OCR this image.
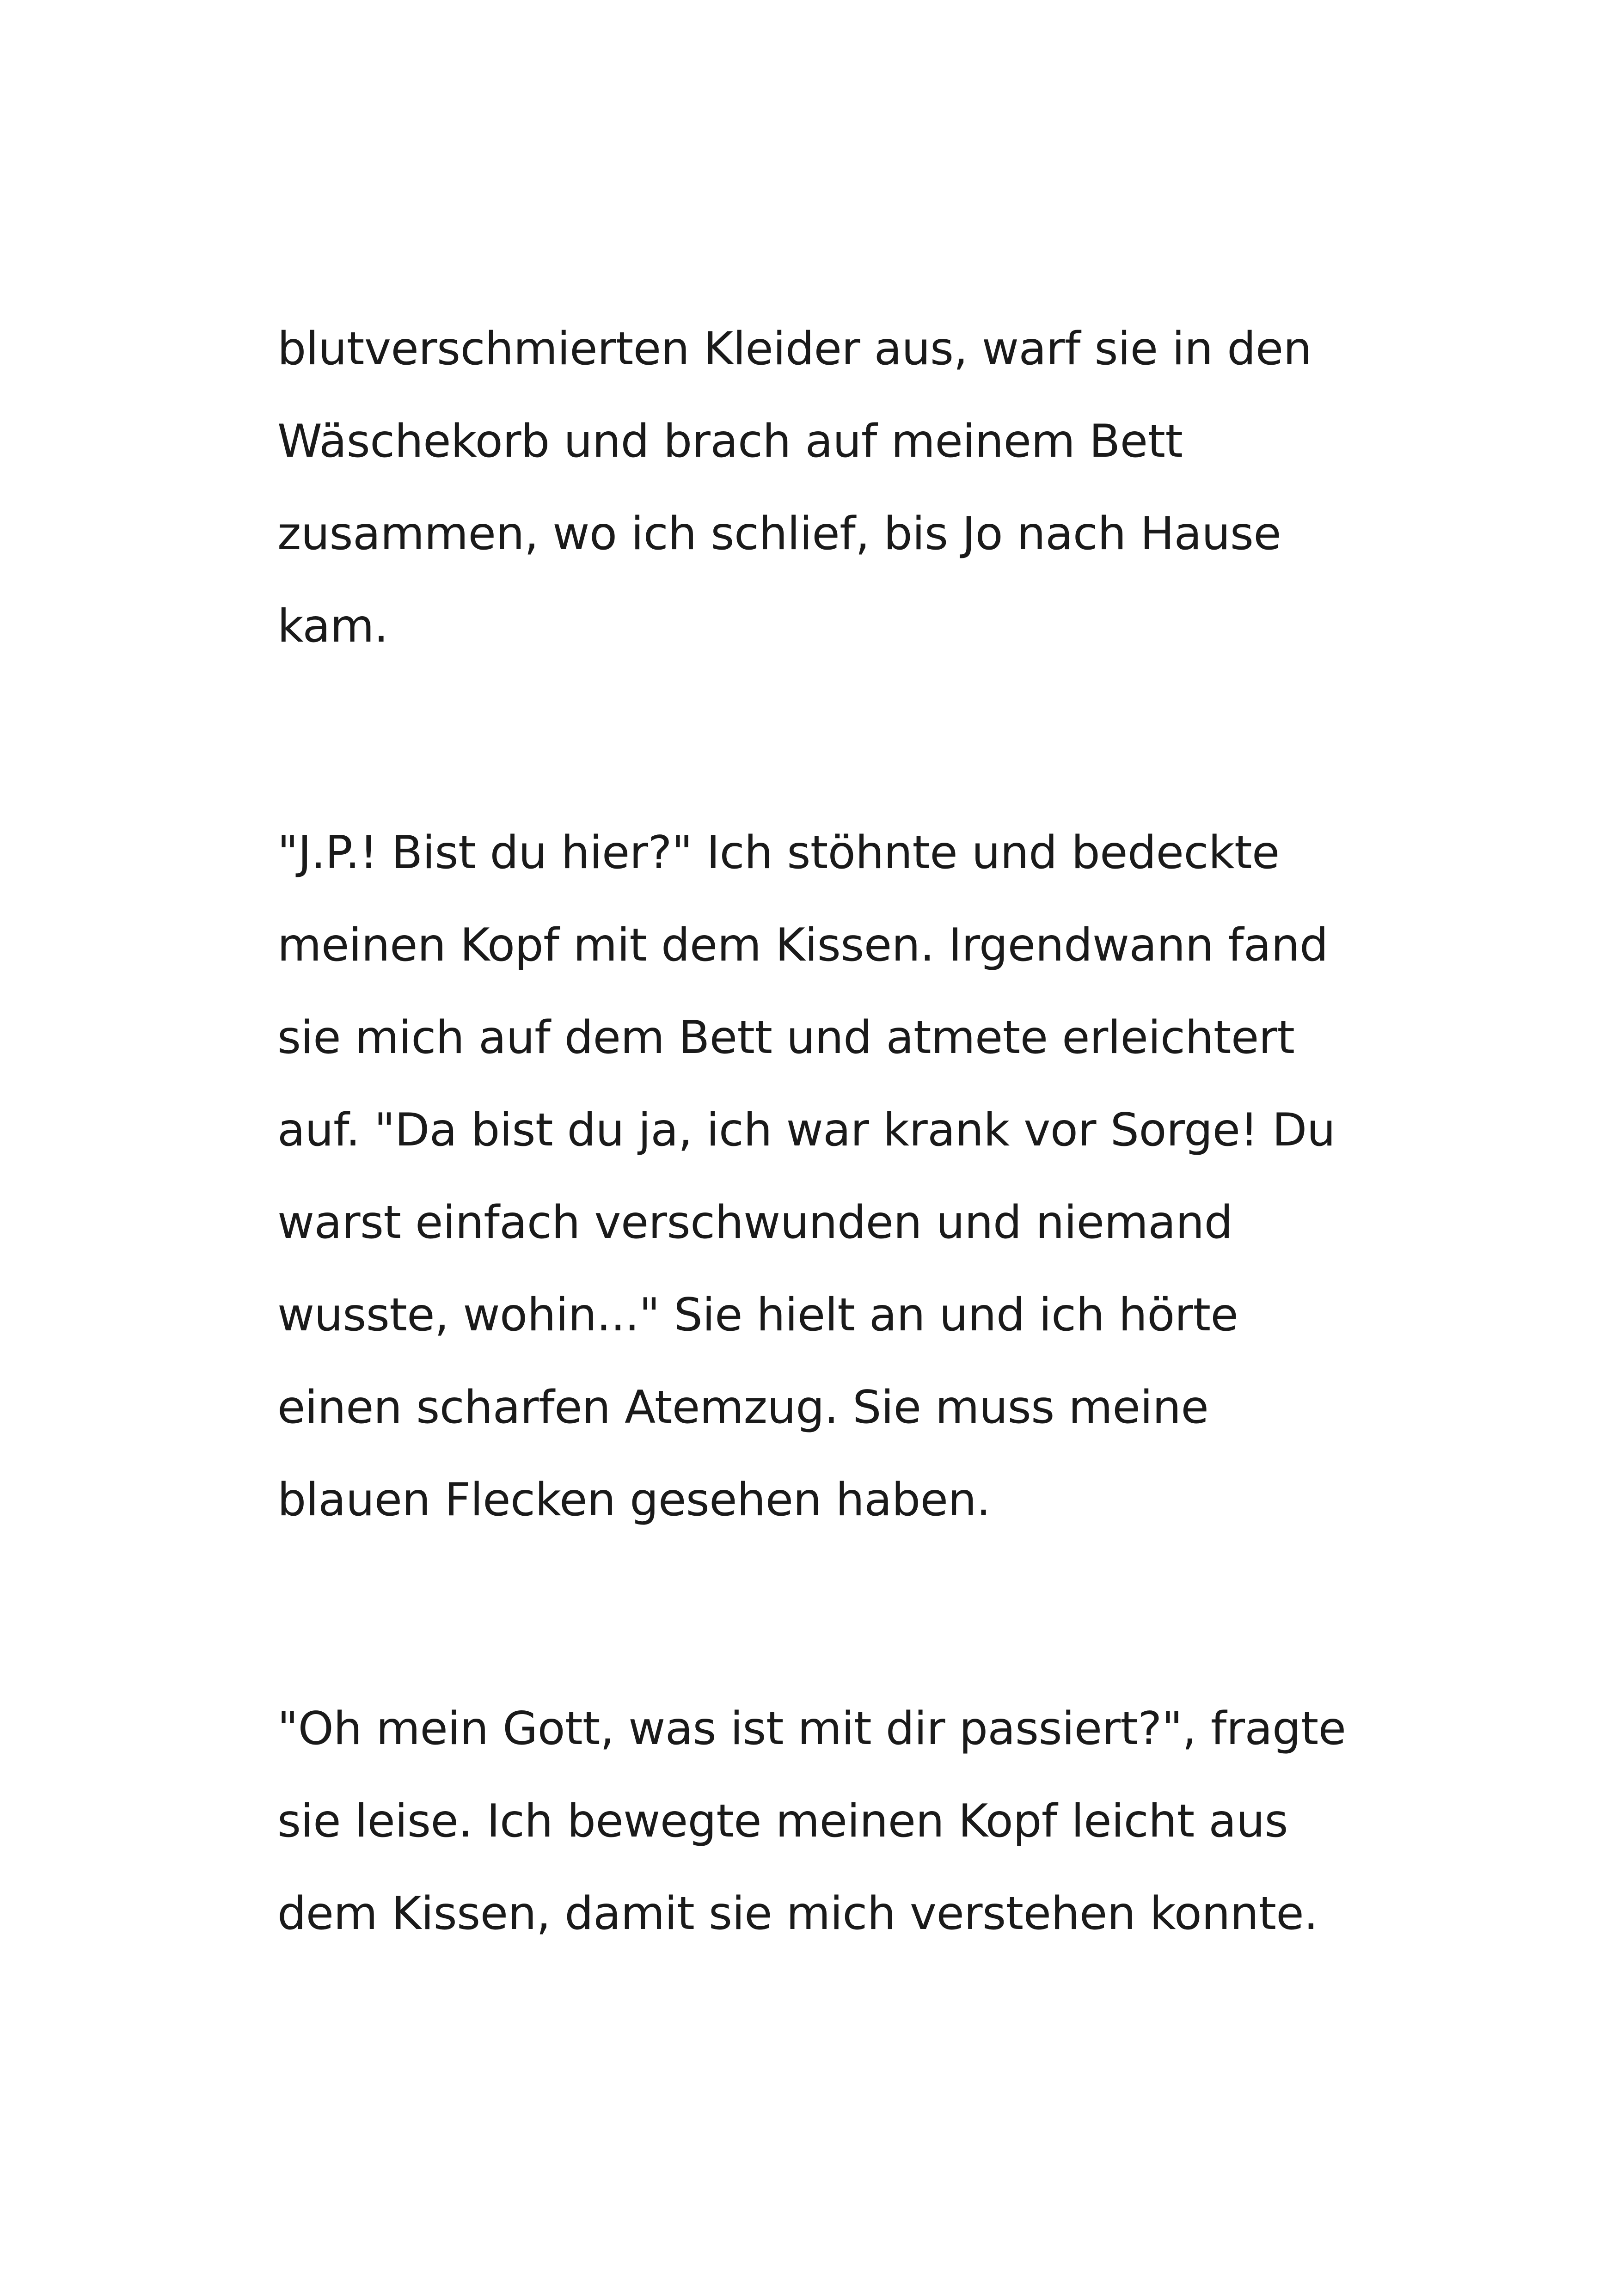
blutverschmierten Kleider aus, warf sie in den
Wäschekorb und brach auf meinem Bett
zusammen, wo ich schlief, bis Jo nach Hause
kam.

"J.P.! Bist du hier?" Ich stöhnte und bedeckte
meinen Kopf mit dem Kissen. Irgendwann fand
sie mich auf dem Bett und atmete erleichtert
auf. "Da bist du ja, ich war krank vor Sorge! Du
warst einfach verschwunden und niemand
wusste, wohin..." Sie hielt an und ich hörte
einen scharfen Atemzug. Sie muss meine
blauen Flecken gesehen haben.

"Oh mein Gott, was ist mit dir passiert?", fragte
sie leise. Ich bewegte meinen Kopf leicht aus
dem Kissen, damit sie mich verstehen konnte.
